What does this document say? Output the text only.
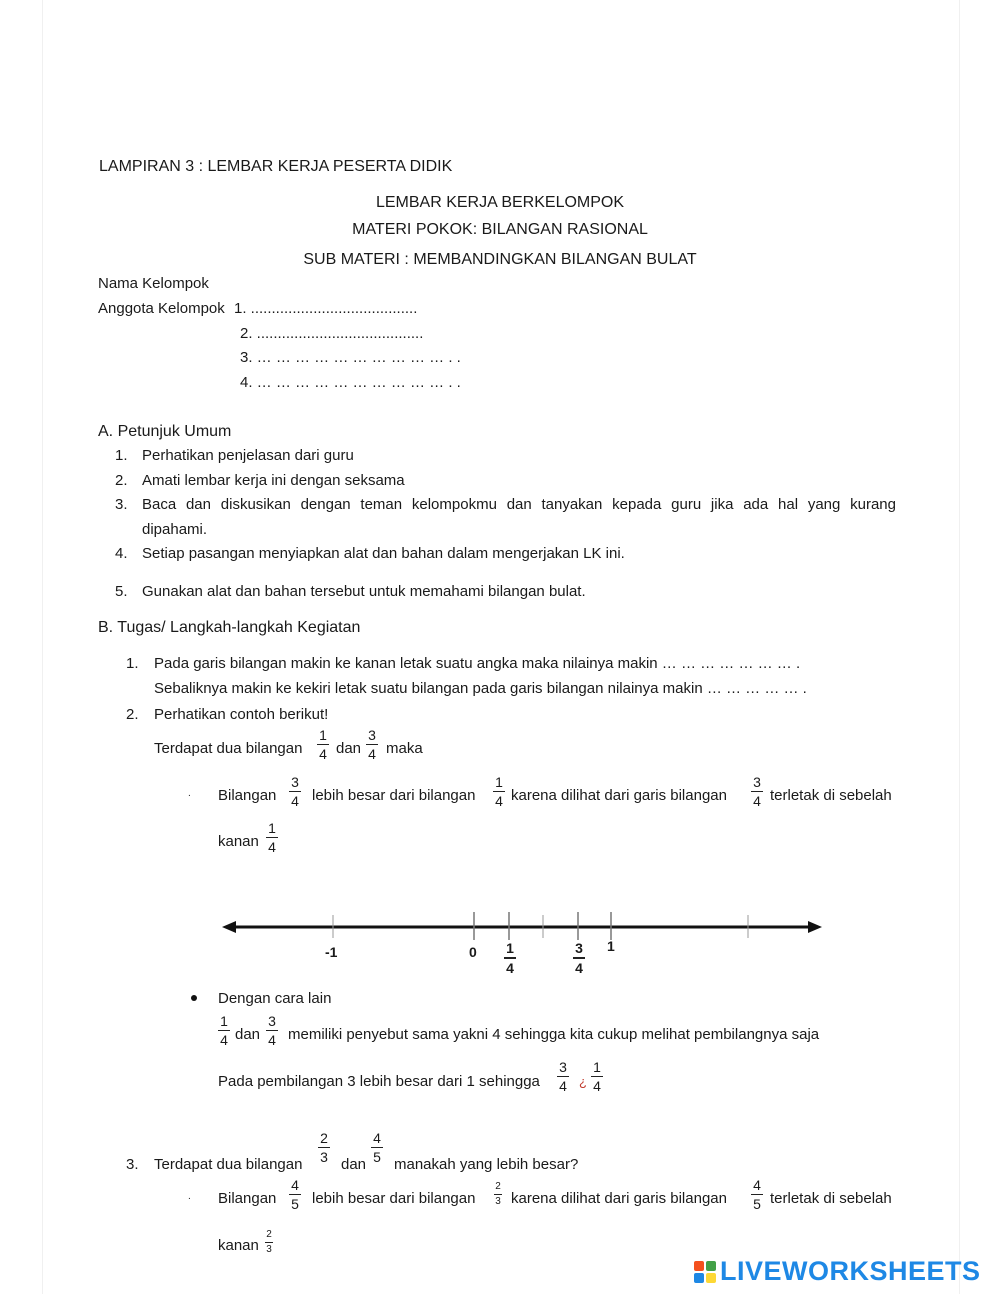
LAMPIRAN 3 : LEMBAR KERJA PESERTA DIDIK
LEMBAR KERJA BERKELOMPOK
MATERI POKOK: BILANGAN RASIONAL
SUB MATERI : MEMBANDINGKAN BILANGAN BULAT
Nama Kelompok
Anggota Kelompok 1. ........................................
2. ........................................
3. … … … … … … … … … … . .
4. … … … … … … … … … … . .
A. Petunjuk Umum
1. Perhatikan penjelasan dari guru
2. Amati lembar kerja ini dengan seksama
3. Baca dan diskusikan dengan teman kelompokmu dan tanyakan kepada guru jika ada hal yang kurang
dipahami.
4. Setiap pasangan menyiapkan alat dan bahan dalam mengerjakan LK ini.
5. Gunakan alat dan bahan tersebut untuk memahami bilangan bulat.
B. Tugas/ Langkah-langkah Kegiatan
1. Pada garis bilangan makin ke kanan letak suatu angka maka nilainya makin … … … … … … … .
Sebaliknya makin ke kekiri letak suatu bilangan pada garis bilangan nilainya makin … … … … … .
2. Perhatikan contoh berikut!
Terdapat dua bilangan
1
4 dan
3
4 maka
. Bilangan
3
4 lebih besar dari bilangan
1
4 karena dilihat dari garis bilangan
3
4 terletak di sebelah
kanan
1
4
-1	0	1
1
4
3
4
Dengan cara lain
1
4 dan
3
4 memiliki penyebut sama yakni 4 sehingga kita cukup melihat pembilangnya saja
Pada pembilangan 3 lebih besar dari 1 sehingga
3
4 ¿
1
4
3. Terdapat dua bilangan
2
3 dan
4
5 manakah yang lebih besar?
. Bilangan
4
5 lebih besar dari bilangan
2
3 karena dilihat dari garis bilangan
4
5 terletak di sebelah
kanan
2
3
LIVEWORKSHEETS
